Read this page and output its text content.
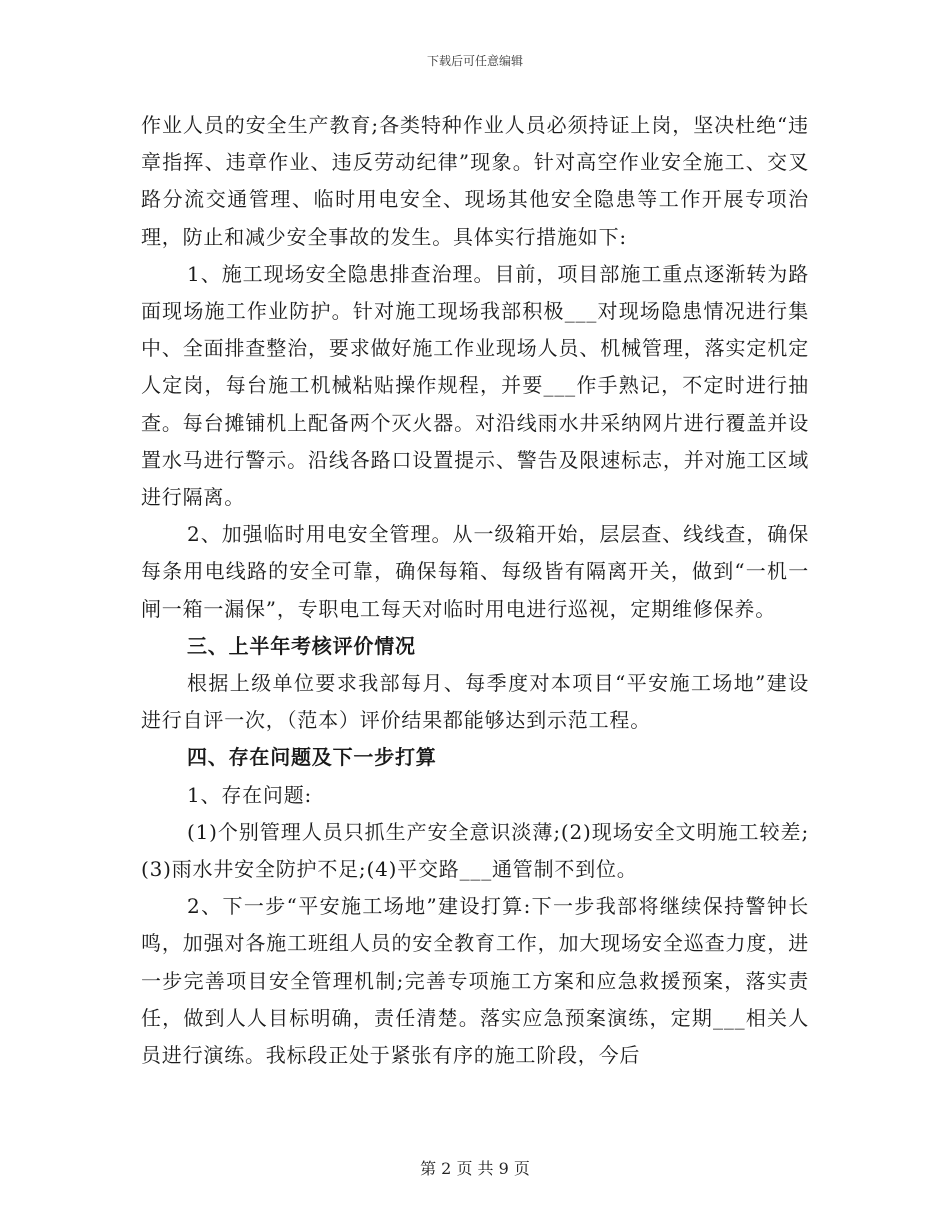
下载后可任意编辑

作业人员的安全生产教育;各类特种作业人员必须持证上岗，坚决杜绝“违章指挥、违章作业、违反劳动纪律”现象。针对高空作业安全施工、交叉路分流交通管理、临时用电安全、现场其他安全隐患等工作开展专项治理，防止和减少安全事故的发生。具体实行措施如下:

1、施工现场安全隐患排查治理。目前，项目部施工重点逐渐转为路面现场施工作业防护。针对施工现场我部积极___对现场隐患情况进行集中、全面排查整治，要求做好施工作业现场人员、机械管理，落实定机定人定岗，每台施工机械粘贴操作规程，并要___作手熟记，不定时进行抽查。每台摊铺机上配备两个灭火器。对沿线雨水井采纳网片进行覆盖并设置水马进行警示。沿线各路口设置提示、警告及限速标志，并对施工区域进行隔离。

2、加强临时用电安全管理。从一级箱开始，层层查、线线查，确保每条用电线路的安全可靠，确保每箱、每级皆有隔离开关，做到“一机一闸一箱一漏保”，专职电工每天对临时用电进行巡视，定期维修保养。

三、上半年考核评价情况

根据上级单位要求我部每月、每季度对本项目“平安施工场地”建设进行自评一次，（范本）评价结果都能够达到示范工程。

四、存在问题及下一步打算

1、存在问题:

(1)个别管理人员只抓生产安全意识淡薄;(2)现场安全文明施工较差;(3)雨水井安全防护不足;(4)平交路___通管制不到位。

2、下一步“平安施工场地”建设打算:下一步我部将继续保持警钟长鸣，加强对各施工班组人员的安全教育工作，加大现场安全巡查力度，进一步完善项目安全管理机制;完善专项施工方案和应急救援预案，落实责任，做到人人目标明确，责任清楚。落实应急预案演练，定期___相关人员进行演练。我标段正处于紧张有序的施工阶段，今后

第 2 页 共 9 页
